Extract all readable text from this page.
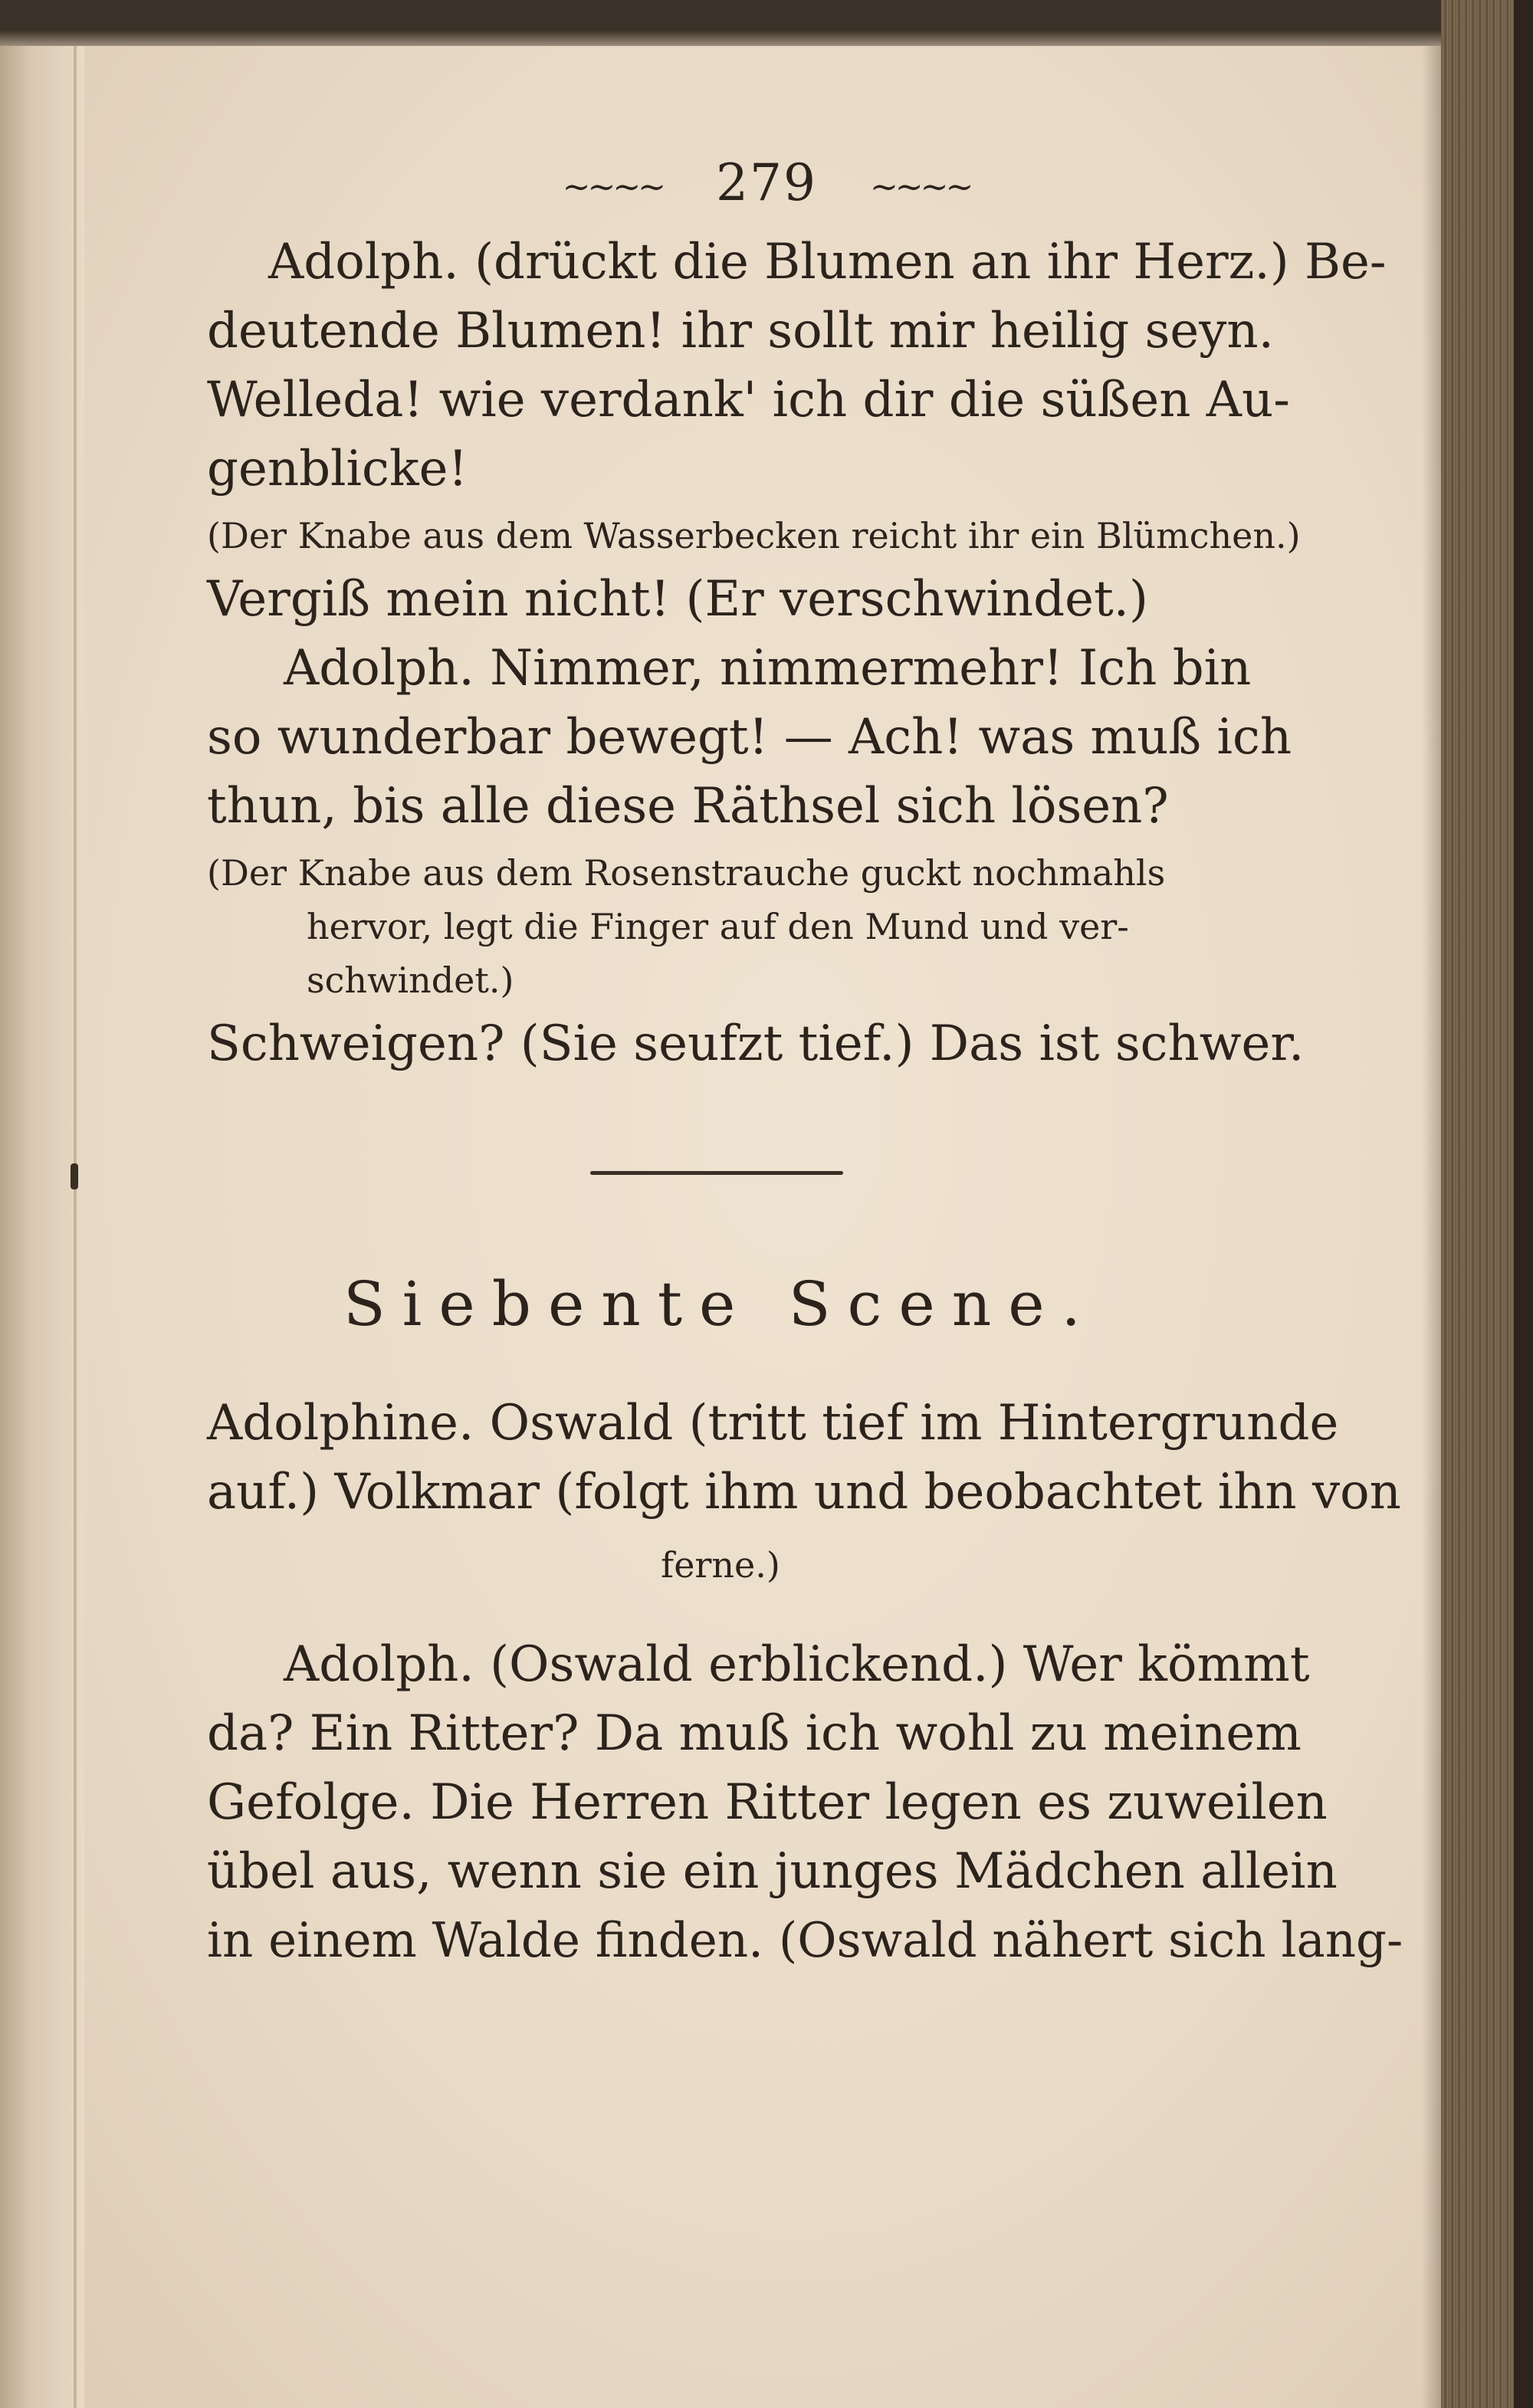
~~~~ 279 ~~~~
Adolph. (drückt die Blumen an ihr Herz.) Be-
deutende Blumen! ihr sollt mir heilig seyn.
Welleda! wie verdank' ich dir die süßen Au-
genblicke!
(Der Knabe aus dem Wasserbecken reicht ihr ein Blümchen.)
Vergiß mein nicht! (Er verschwindet.)
Adolph. Nimmer, nimmermehr! Ich bin
so wunderbar bewegt! — Ach! was muß ich
thun, bis alle diese Räthsel sich lösen?
(Der Knabe aus dem Rosenstrauche guckt nochmahls
hervor, legt die Finger auf den Mund und ver-
schwindet.)
Schweigen? (Sie seufzt tief.) Das ist schwer.
Siebente Scene.
Adolphine. Oswald (tritt tief im Hintergrunde
auf.) Volkmar (folgt ihm und beobachtet ihn von
ferne.)
Adolph. (Oswald erblickend.) Wer kömmt
da? Ein Ritter? Da muß ich wohl zu meinem
Gefolge. Die Herren Ritter legen es zuweilen
übel aus, wenn sie ein junges Mädchen allein
in einem Walde finden. (Oswald nähert sich lang-
